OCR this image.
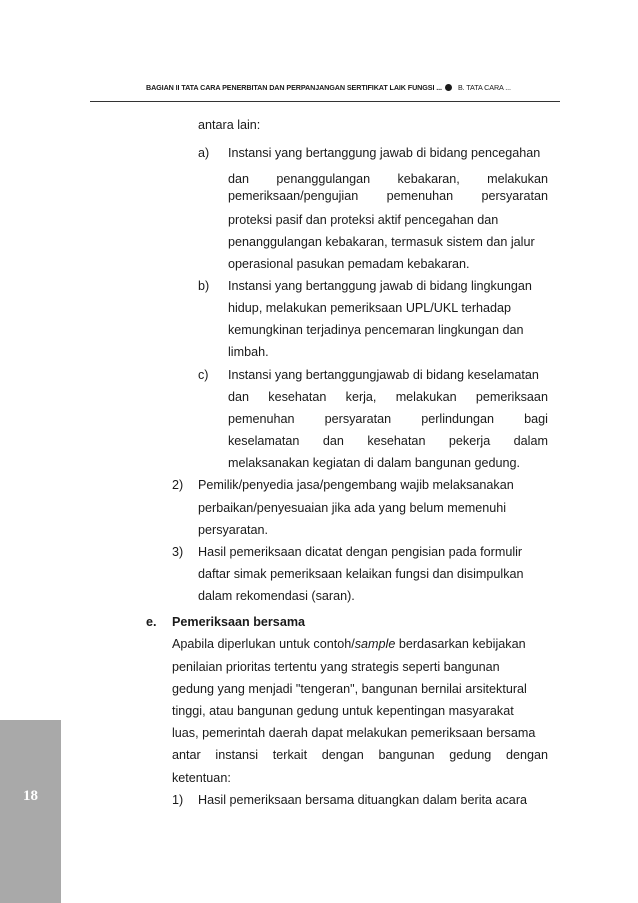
BAGIAN II TATA CARA PENERBITAN DAN PERPANJANGAN SERTIFIKAT LAIK FUNGSI ... B. TATA CARA ...
antara lain:
a) Instansi yang bertanggung jawab di bidang pencegahan
dan penanggulangan kebakaran, melakukan
pemeriksaan/pengujian pemenuhan persyaratan
proteksi pasif dan proteksi aktif pencegahan dan
penanggulangan kebakaran, termasuk sistem dan jalur
operasional pasukan pemadam kebakaran.
b) Instansi yang bertanggung jawab di bidang lingkungan
hidup, melakukan pemeriksaan UPL/UKL terhadap
kemungkinan terjadinya pencemaran lingkungan dan
limbah.
c) Instansi yang bertanggungjawab di bidang keselamatan
dan kesehatan kerja, melakukan pemeriksaan
pemenuhan persyaratan perlindungan bagi
keselamatan dan kesehatan pekerja dalam
melaksanakan kegiatan di dalam bangunan gedung.
2) Pemilik/penyedia jasa/pengembang wajib melaksanakan
perbaikan/penyesuaian jika ada yang belum memenuhi
persyaratan.
3) Hasil pemeriksaan dicatat dengan pengisian pada formulir
daftar simak pemeriksaan kelaikan fungsi dan disimpulkan
dalam rekomendasi (saran).
e. Pemeriksaan bersama
Apabila diperlukan untuk contoh/sample berdasarkan kebijakan
penilaian prioritas tertentu yang strategis seperti bangunan
gedung yang menjadi "tengeran", bangunan bernilai arsitektural
tinggi, atau bangunan gedung untuk kepentingan masyarakat
luas, pemerintah daerah dapat melakukan pemeriksaan bersama
antar instansi terkait dengan bangunan gedung dengan
ketentuan:
1) Hasil pemeriksaan bersama dituangkan dalam berita acara
18
